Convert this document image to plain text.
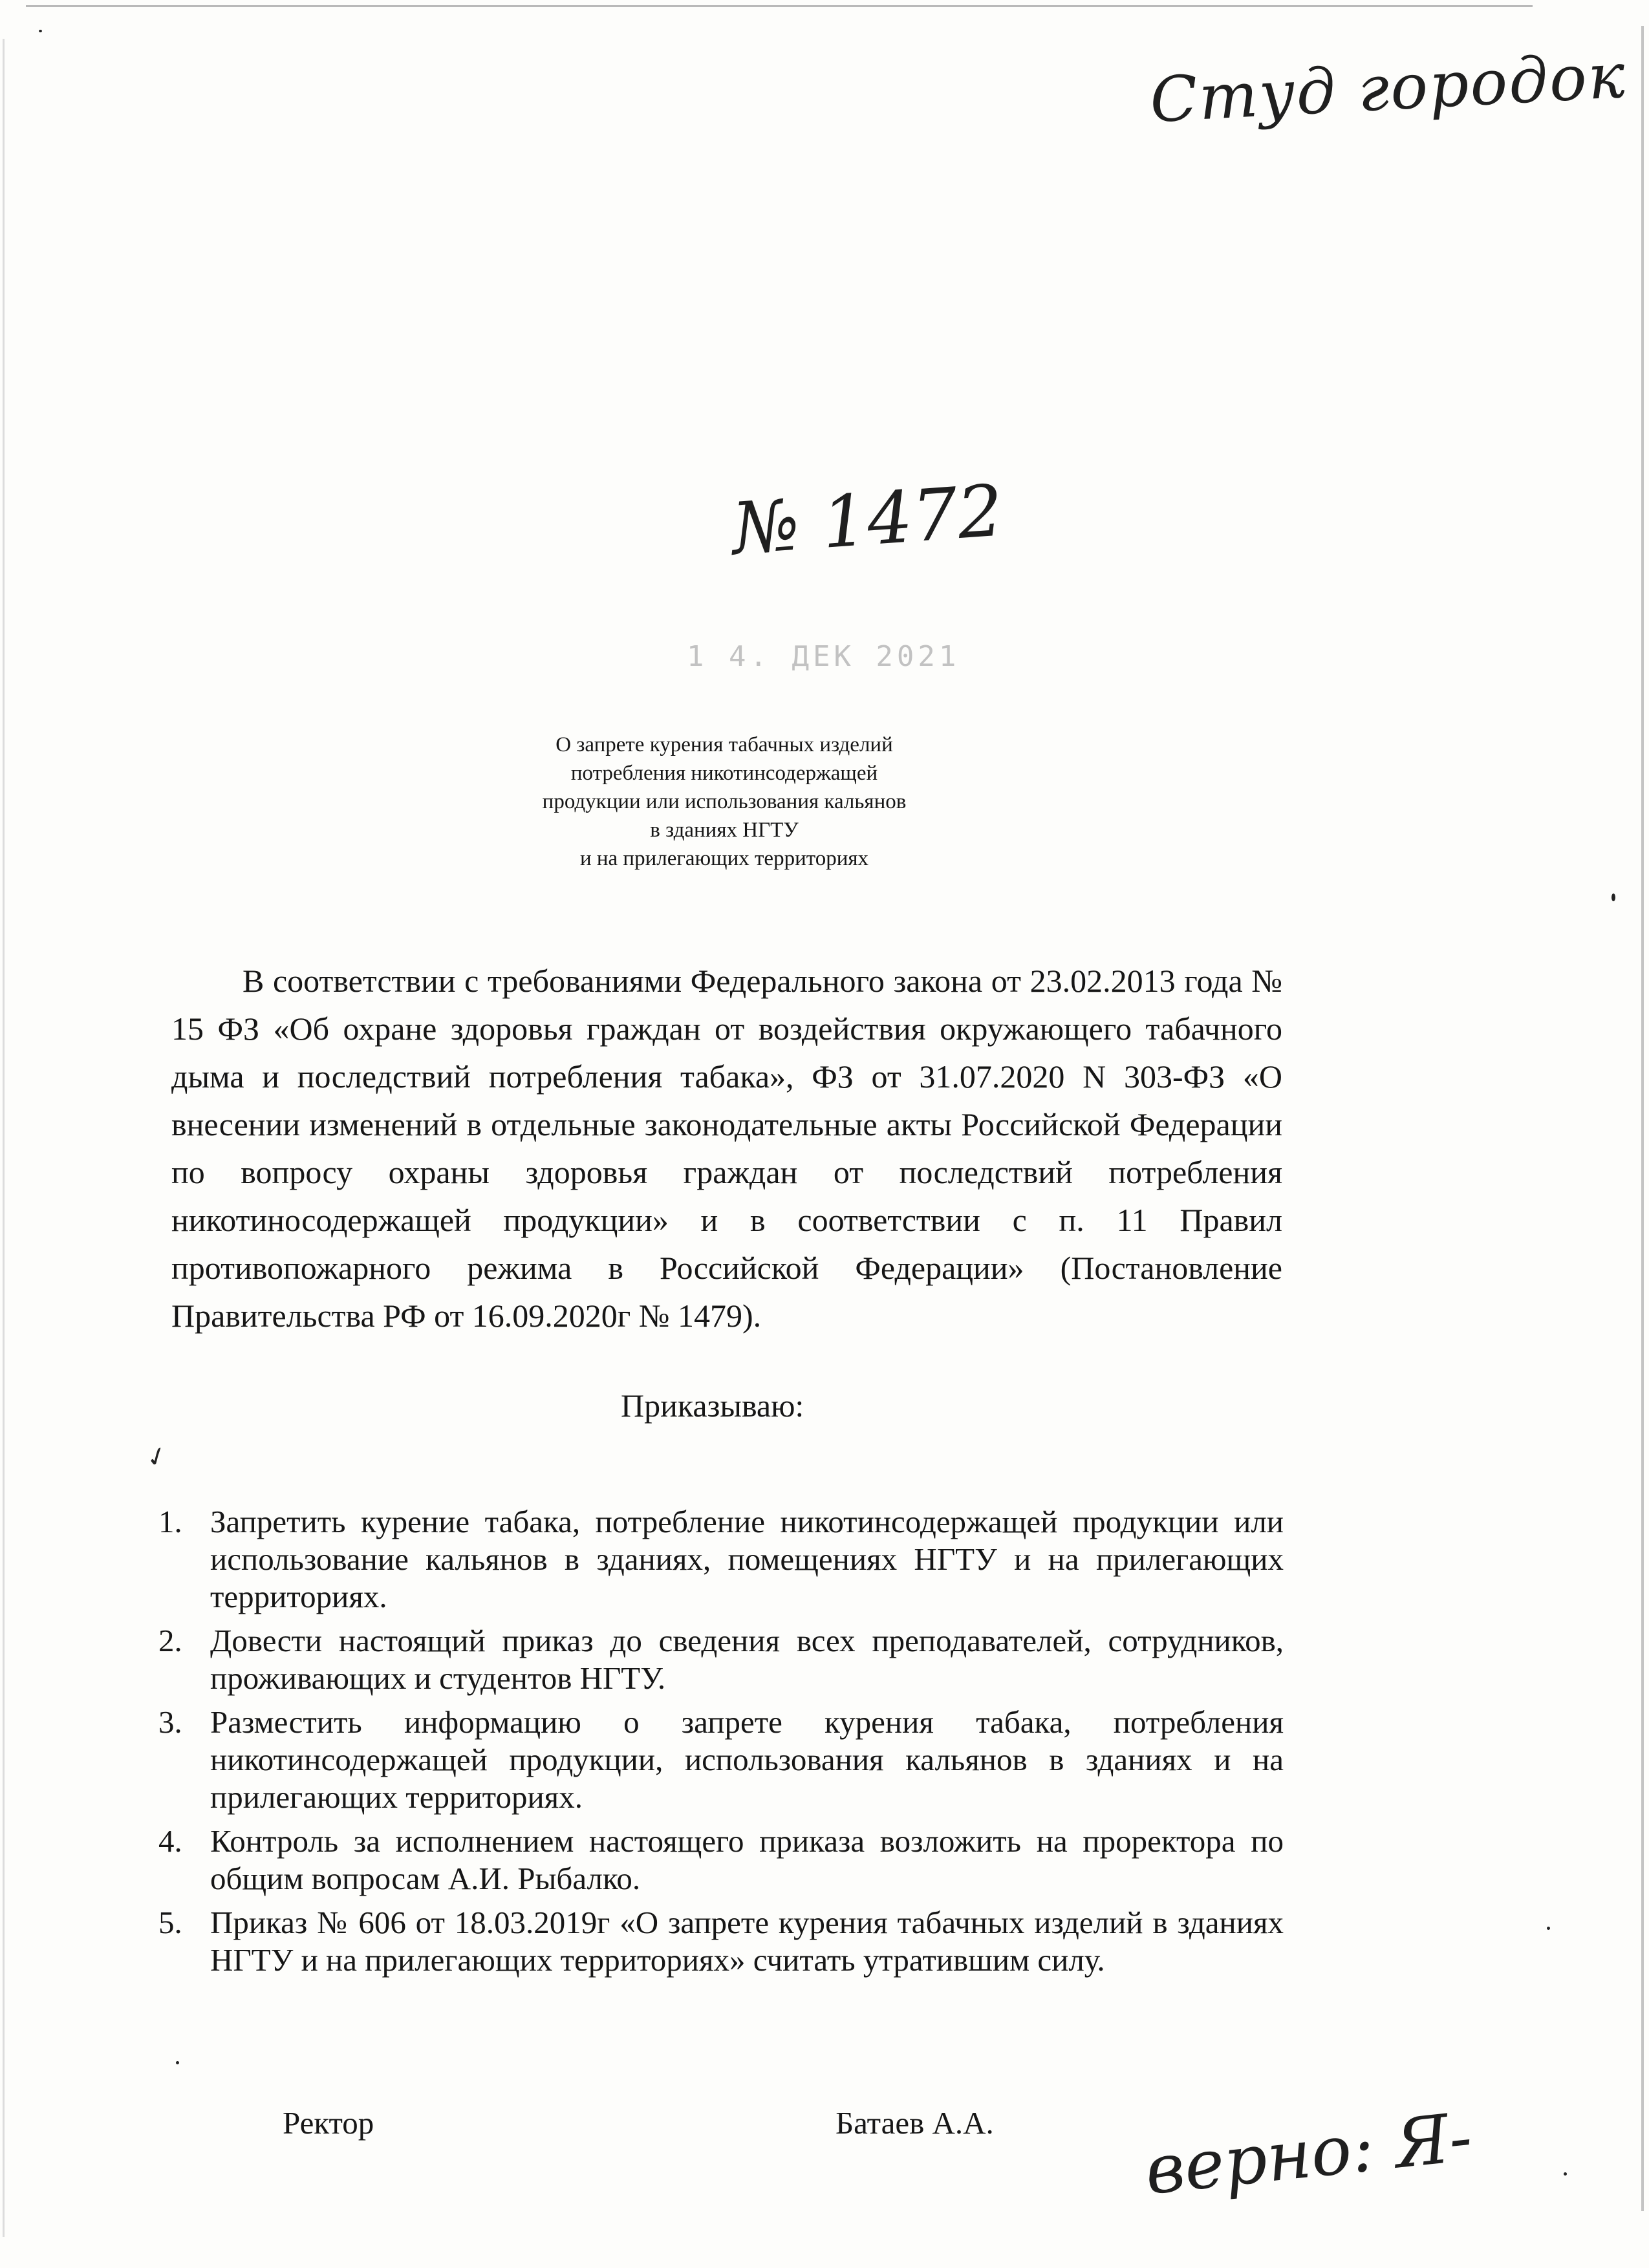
Студ городок
№ 1472
1 4. ДЕК 2021
О запрете курения табачных изделий
потребления никотинсодержащей
продукции или использования кальянов
в зданиях НГТУ
и на прилегающих территориях

В соответствии с требованиями Федерального закона от 23.02.2013 года № 15 ФЗ «Об охране здоровья граждан от воздействия окружающего табачного дыма и последствий потребления табака», ФЗ от 31.07.2020 N 303-ФЗ «О внесении изменений в отдельные законодательные акты Российской Федерации по вопросу охраны здоровья граждан от последствий потребления никотиносодержащей продукции» и в соответствии с п. 11 Правил противопожарного режима в Российской Федерации» (Постановление Правительства РФ от 16.09.2020г № 1479).

Приказываю:
✓
1. Запретить курение табака, потребление никотинсодержащей продукции или использование кальянов в зданиях, помещениях НГТУ и на прилегающих территориях.
2. Довести настоящий приказ до сведения всех преподавателей, сотрудников, проживающих и студентов НГТУ.
3. Разместить информацию о запрете курения табака, потребления никотинсодержащей продукции, использования кальянов в зданиях и на прилегающих территориях.
4. Контроль за исполнением настоящего приказа возложить на проректора по общим вопросам А.И. Рыбалко.
5. Приказ № 606 от 18.03.2019г «О запрете курения табачных изделий в зданиях НГТУ и на прилегающих территориях» считать утратившим силу.
Ректор	Батаев А.А. верно: Я-
